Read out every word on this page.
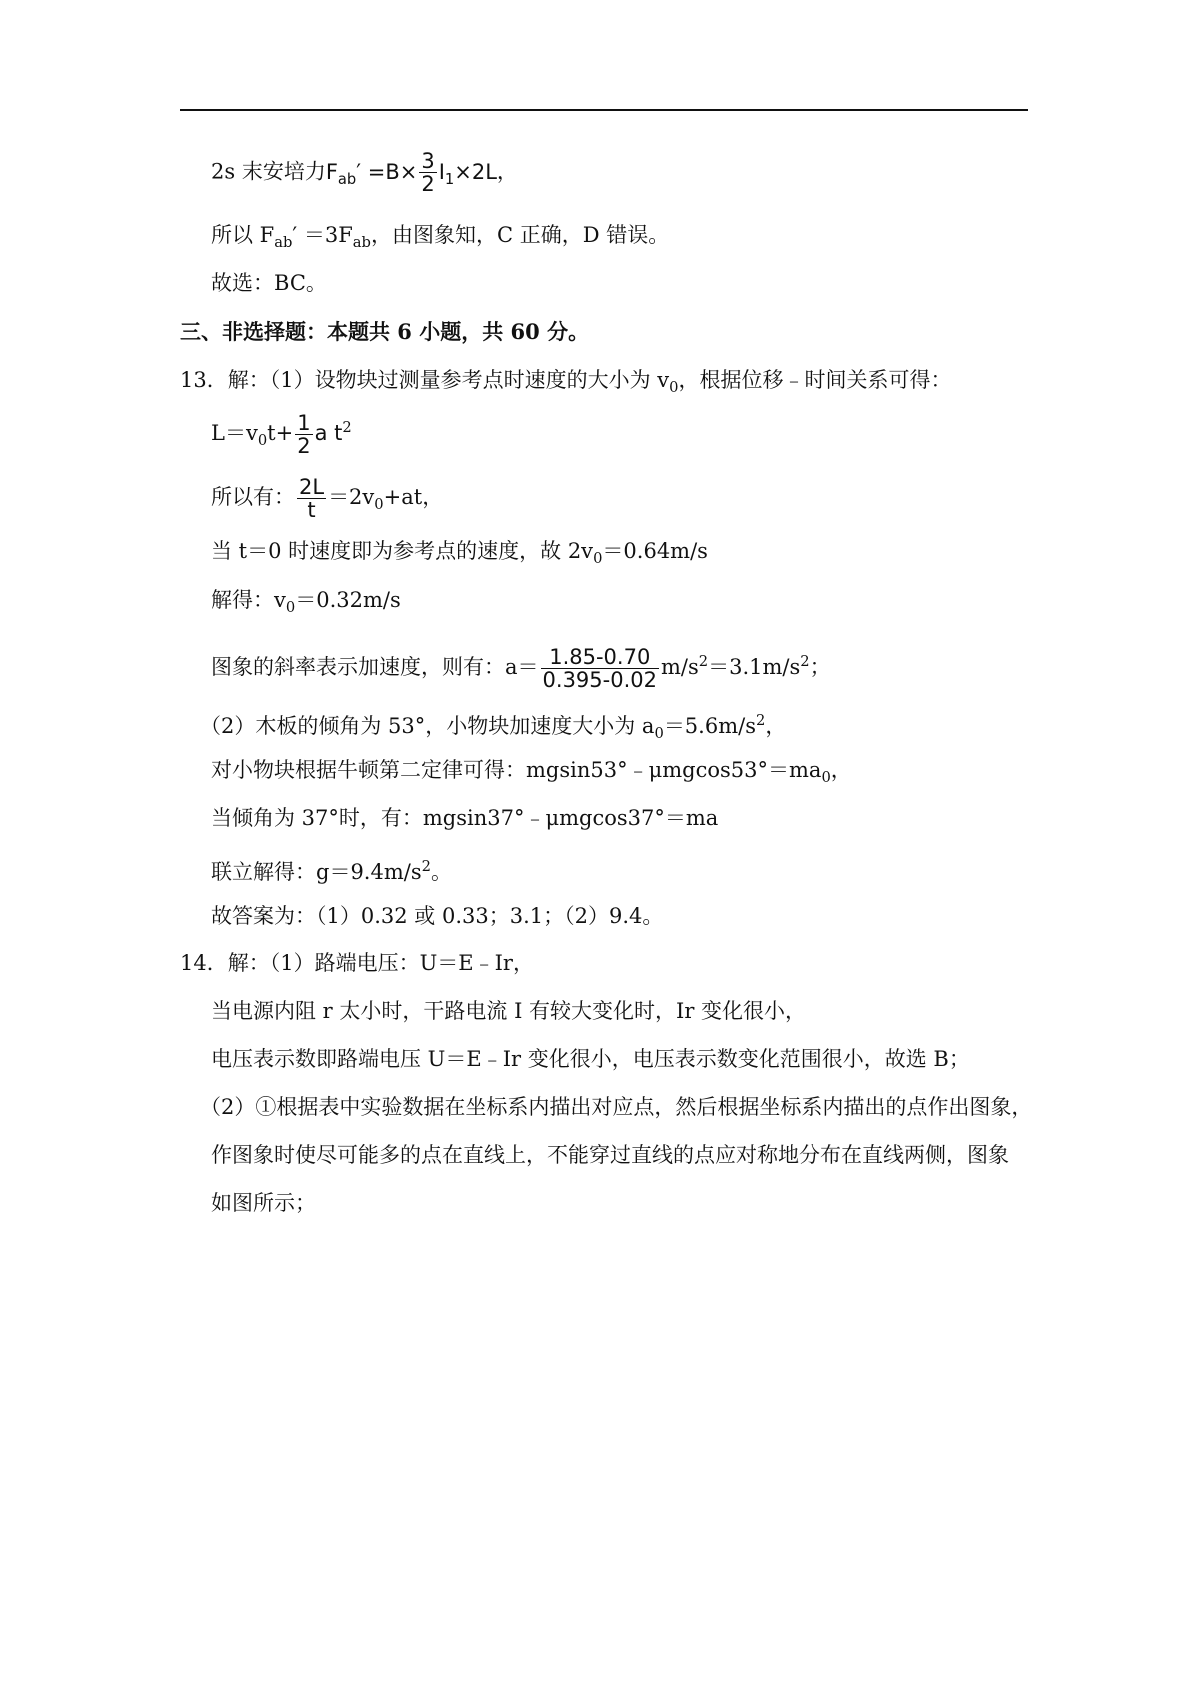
2s 末安培力$F_{ab}' =B\times \frac{3}{2} I_1\times 2L$，
所以 $F_{ab}' =3F_{ab}$，由图象知，C 正确，D 错误。
故选：BC。
三、非选择题：本题共 6 小题，共 60 分。
13．解：（1）设物块过测量参考点时速度的大小为 $v_0$，根据位移﹣时间关系可得：
$L=v_0t+ \frac{1}{2}$ a $t^2$
所以有： $\frac{2L}{t} =2v_0+at$，
当 t＝0 时速度即为参考点的速度，故 $2v_0=0.64m/s$
解得：$v_0=0.32m/s$
图象的斜率表示加速度，则有：$a= \frac{1.85-0.70}{0.395-0.02} m/s^2=3.1m/s^2$；
（2）木板的倾角为 53°，小物块加速度大小为 $a_0=5.6m/s^2$，
对小物块根据牛顿第二定律可得：$mgsin53^\circ﹣\mu mgcos53^\circ=ma_0$，
当倾角为 37°时，有：mgsin37°﹣μmgcos37°＝ma
联立解得：$g=9.4m/s^2$。
故答案为：（1）0.32 或 0.33；3.1；（2）9.4。
14．解：（1）路端电压：U＝E﹣Ir，
当电源内阻 r 太小时，干路电流 I 有较大变化时，Ir 变化很小，
电压表示数即路端电压 U＝E﹣Ir 变化很小，电压表示数变化范围很小，故选 B；
（2）①根据表中实验数据在坐标系内描出对应点，然后根据坐标系内描出的点作出图象，
作图象时使尽可能多的点在直线上，不能穿过直线的点应对称地分布在直线两侧，图象
如图所示；
